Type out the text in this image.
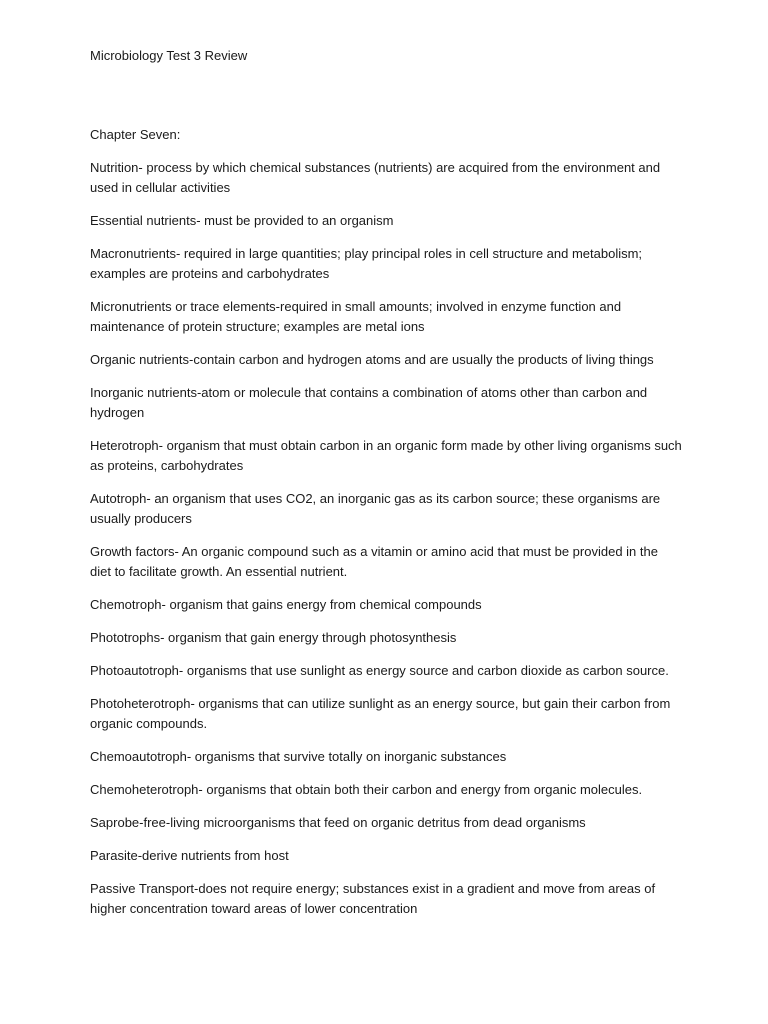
Microbiology Test 3 Review
Chapter Seven:
Nutrition- process by which chemical substances (nutrients) are acquired from the environment and used in cellular activities
Essential nutrients- must be provided to an organism
Macronutrients- required in large quantities; play principal roles in cell structure and metabolism; examples are proteins and carbohydrates
Micronutrients or trace elements-required in small amounts; involved in enzyme function and maintenance of protein structure; examples are metal ions
Organic nutrients-contain carbon and hydrogen atoms and are usually the products of living things
Inorganic nutrients-atom or molecule that contains a combination of atoms other than carbon and hydrogen
Heterotroph- organism that must obtain carbon in an organic form made by other living organisms such as proteins, carbohydrates
Autotroph- an organism that uses CO2, an inorganic gas as its carbon source; these organisms are usually producers
Growth factors- An organic compound such as a vitamin or amino acid that must be provided in the diet to facilitate growth. An essential nutrient.
Chemotroph- organism that gains energy from chemical compounds
Phototrophs- organism that gain energy through photosynthesis
Photoautotroph- organisms that use sunlight as energy source and carbon dioxide as carbon source.
Photoheterotroph- organisms that can utilize sunlight as an energy source, but gain their carbon from organic compounds.
Chemoautotroph- organisms that survive totally on inorganic substances
Chemoheterotroph- organisms that obtain both their carbon and energy from organic molecules.
Saprobe-free-living microorganisms that feed on organic detritus from dead organisms
Parasite-derive nutrients from host
Passive Transport-does not require energy; substances exist in a gradient and move from areas of higher concentration toward areas of lower concentration
